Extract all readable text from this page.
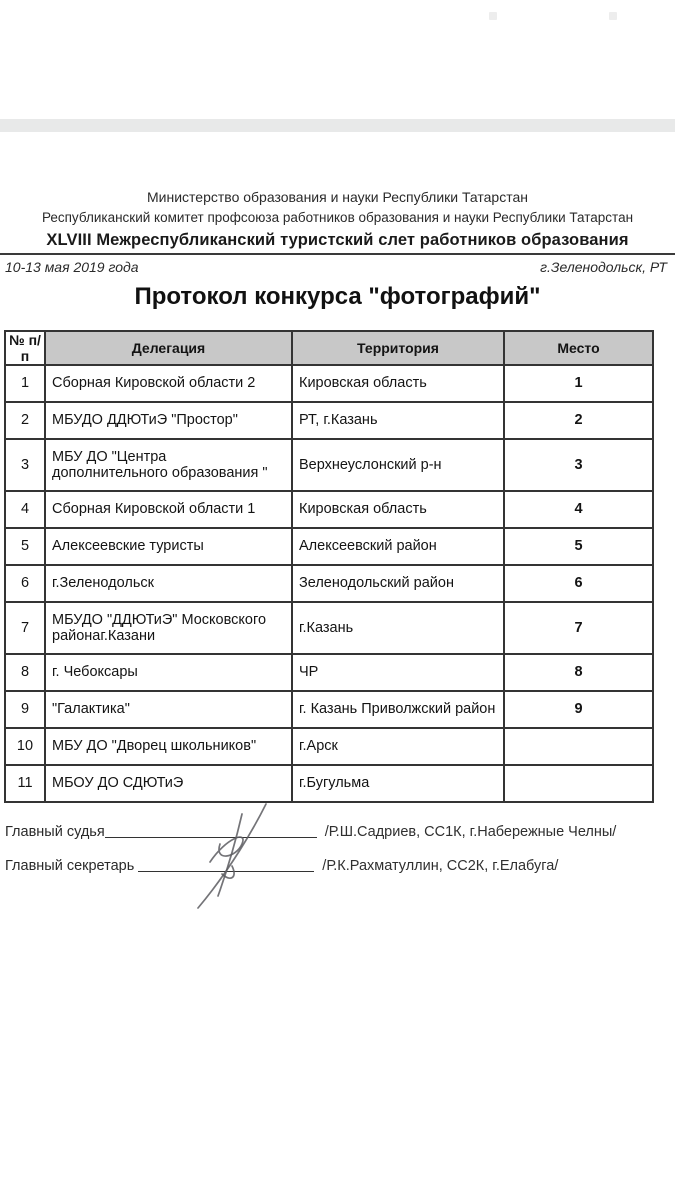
Министерство образования и науки Республики Татарстан
Республиканский комитет профсоюза работников образования и науки Республики Татарстан
XLVIII Межреспубликанский туристский слет работников образования
10-13 мая 2019 года	г.Зеленодольск, РТ
Протокол конкурса "фотографий"
№ п/п	Делегация	Территория	Место
1	Сборная Кировской области 2	Кировская область	1
2	МБУДО ДДЮТиЭ "Простор"	РТ, г.Казань	2
3	МБУ ДО "Центра дополнительного образования "	Верхнеуслонский р-н	3
4	Сборная Кировской области 1	Кировская область	4
5	Алексеевские туристы	Алексеевский район	5
6	г.Зеленодольск	Зеленодольский район	6
7	МБУДО "ДДЮТиЭ" Московского районаг.Казани	г.Казань	7
8	г. Чебоксары	ЧР	8
9	"Галактика"	г. Казань Приволжский район	9
10	МБУ ДО "Дворец школьников"	г.Арск	
11	МБОУ ДО СДЮТиЭ	г.Бугульма	
Главный судья	/Р.Ш.Садриев, СС1К, г.Набережные Челны/
Главный секретарь	/Р.К.Рахматуллин, СС2К, г.Елабуга/
